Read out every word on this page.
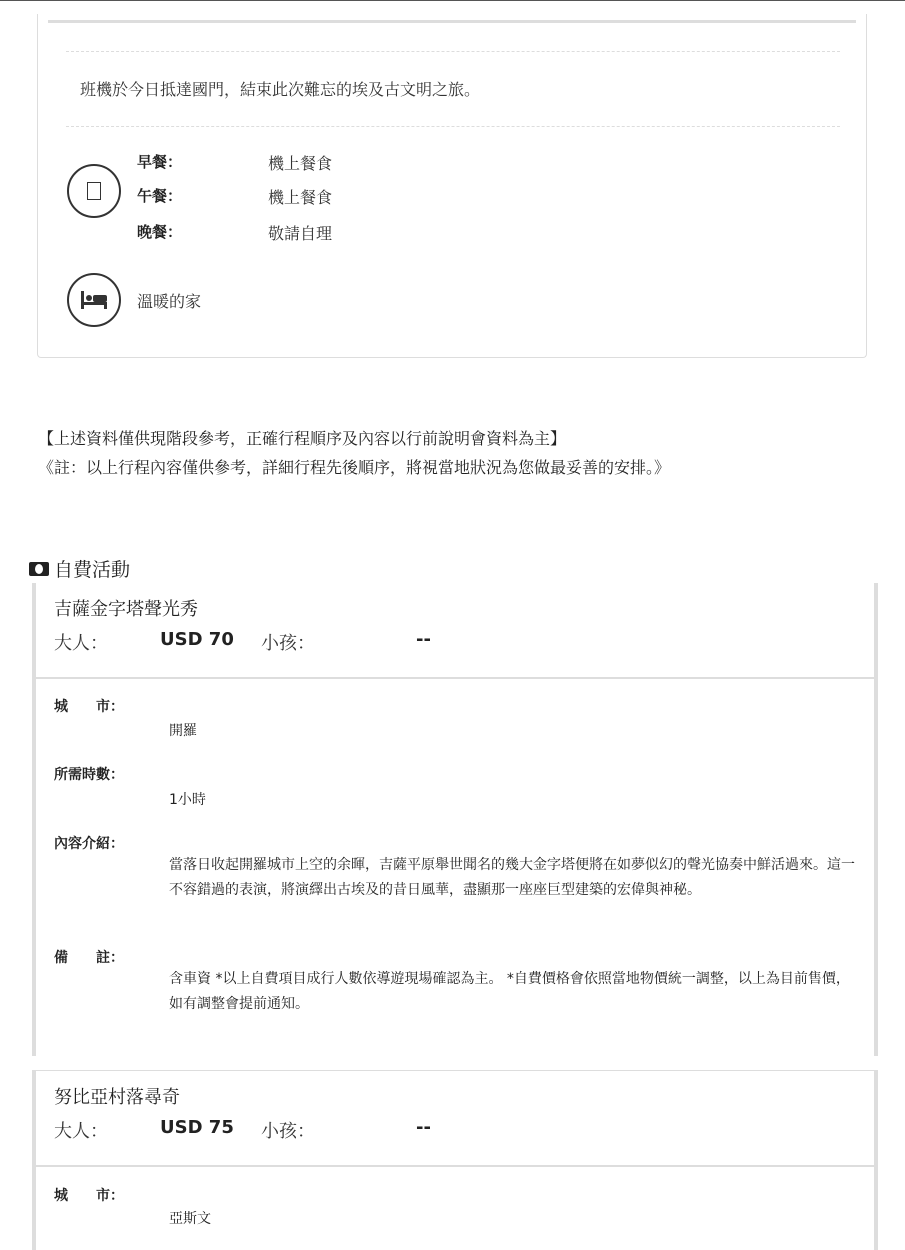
班機於今日抵達國門，結束此次難忘的埃及古文明之旅。
早餐：	機上餐食
午餐：	機上餐食
晚餐：	敬請自理
溫暖的家
【上述資料僅供現階段參考，正確行程順序及內容以行前說明會資料為主】
《註：以上行程內容僅供參考，詳細行程先後順序，將視當地狀況為您做最妥善的安排。》
自費活動
吉薩金字塔聲光秀
大人：	USD 70 小孩：	--
城　　市：
開羅
所需時數：
1小時
內容介紹：
當落日收起開羅城市上空的余暉，吉薩平原舉世聞名的幾大金字塔便將在如夢似幻的聲光協奏中鮮活過來。這一不容錯過的表演，將演繹出古埃及的昔日風華，盡顯那一座座巨型建築的宏偉與神秘。
備　　註：
含車資 *以上自費項目成行人數依導遊現場確認為主。 *自費價格會依照當地物價統一調整，以上為目前售價，如有調整會提前通知。
努比亞村落尋奇
大人：	USD 75 小孩：	--
城　　市：
亞斯文
